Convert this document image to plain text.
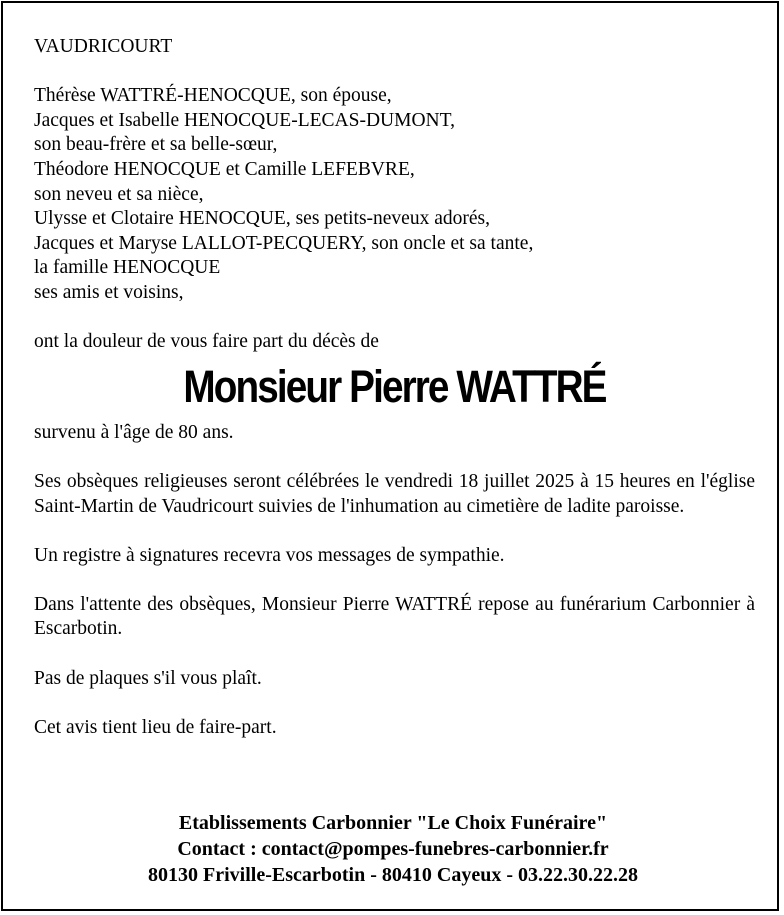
VAUDRICOURT
Thérèse WATTRÉ-HENOCQUE, son épouse,
Jacques et Isabelle HENOCQUE-LECAS-DUMONT,
son beau-frère et sa belle-sœur,
Théodore HENOCQUE et Camille LEFEBVRE,
son neveu et sa nièce,
Ulysse et Clotaire HENOCQUE, ses petits-neveux adorés,
Jacques et Maryse LALLOT-PECQUERY, son oncle et sa tante,
la famille HENOCQUE
ses amis et voisins,
ont la douleur de vous faire part du décès de
Monsieur Pierre WATTRÉ
survenu à l'âge de 80 ans.
Ses obsèques religieuses seront célébrées le vendredi 18 juillet 2025 à 15 heures en l'église Saint-Martin de Vaudricourt suivies de l'inhumation au cimetière de ladite paroisse.
Un registre à signatures recevra vos messages de sympathie.
Dans l'attente des obsèques, Monsieur Pierre WATTRÉ repose au funérarium Carbonnier à Escarbotin.
Pas de plaques s'il vous plaît.
Cet avis tient lieu de faire-part.
Etablissements Carbonnier "Le Choix Funéraire"
Contact : contact@pompes-funebres-carbonnier.fr
80130 Friville-Escarbotin - 80410 Cayeux - 03.22.30.22.28
